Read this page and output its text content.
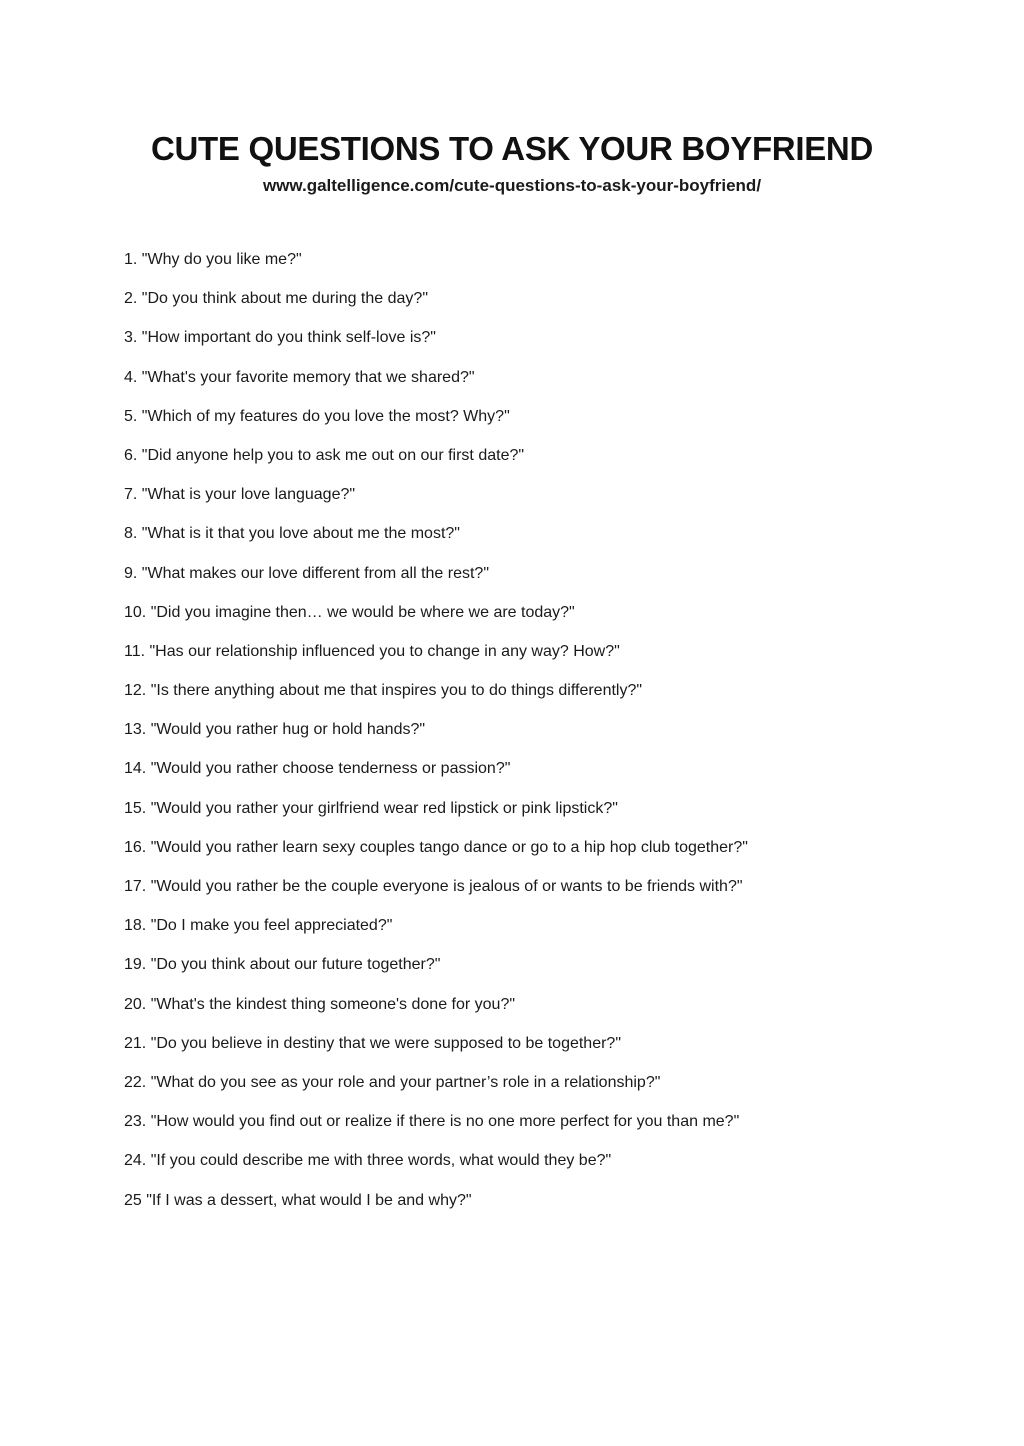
CUTE QUESTIONS TO ASK YOUR BOYFRIEND
www.galtelligence.com/cute-questions-to-ask-your-boyfriend/
1. "Why do you like me?"
2. "Do you think about me during the day?"
3. "How important do you think self-love is?"
4. "What's your favorite memory that we shared?"
5. "Which of my features do you love the most? Why?"
6. "Did anyone help you to ask me out on our first date?"
7. "What is your love language?"
8. "What is it that you love about me the most?"
9. "What makes our love different from all the rest?"
10. "Did you imagine then… we would be where we are today?"
11. "Has our relationship influenced you to change in any way? How?"
12. "Is there anything about me that inspires you to do things differently?"
13. "Would you rather hug or hold hands?"
14. "Would you rather choose tenderness or passion?"
15. "Would you rather your girlfriend wear red lipstick or pink lipstick?"
16. "Would you rather learn sexy couples tango dance or go to a hip hop club together?"
17. "Would you rather be the couple everyone is jealous of or wants to be friends with?"
18. "Do I make you feel appreciated?"
19. "Do you think about our future together?"
20. "What's the kindest thing someone's done for you?"
21. "Do you believe in destiny that we were supposed to be together?"
22. "What do you see as your role and your partner’s role in a relationship?"
23. "How would you find out or realize if there is no one more perfect for you than me?"
24. "If you could describe me with three words, what would they be?"
25 "If I was a dessert, what would I be and why?"
